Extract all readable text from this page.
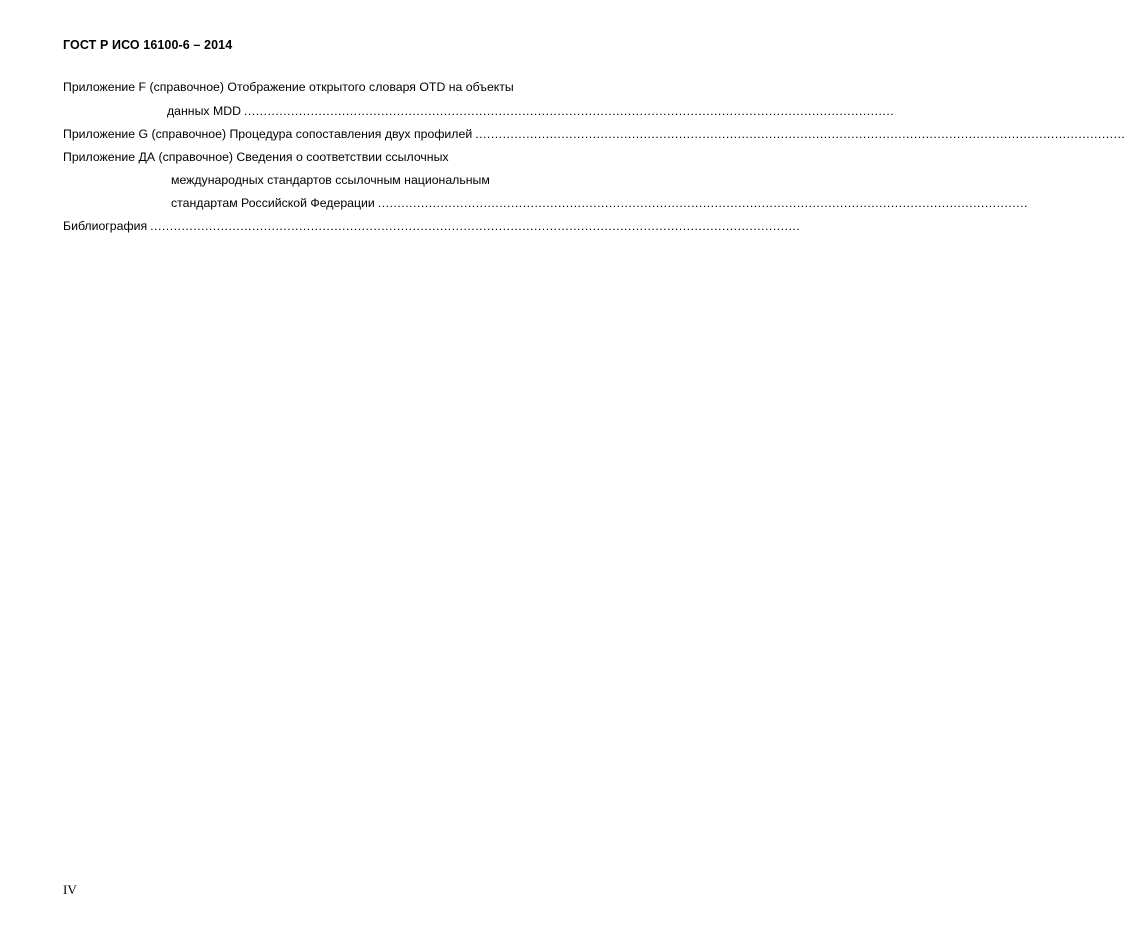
ГОСТ Р ИСО 16100-6 – 2014
Приложение F (справочное) Отображение открытого словаря OTD на объекты
данных MDD ......................................................................................................................................................................
Приложение G (справочное) Процедура сопоставления двух профилей ......................................................................................................................................................................
Приложение ДА (справочное) Сведения о соответствии ссылочных
международных стандартов ссылочным национальным
стандартам Российской Федерации ......................................................................................................................................................................
Библиография ......................................................................................................................................................................
IV
